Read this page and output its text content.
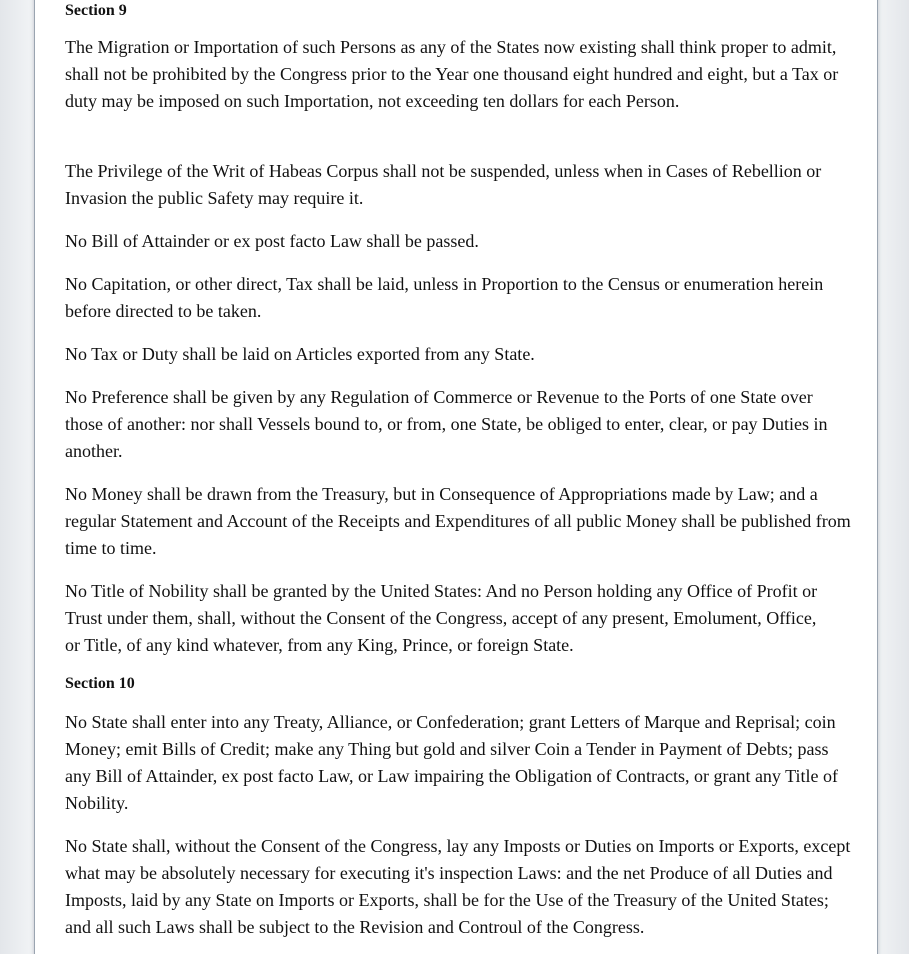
Section 9

The Migration or Importation of such Persons as any of the States now existing shall think proper to admit, shall not be prohibited by the Congress prior to the Year one thousand eight hundred and eight, but a Tax or duty may be imposed on such Importation, not exceeding ten dollars for each Person.

The Privilege of the Writ of Habeas Corpus shall not be suspended, unless when in Cases of Rebellion or Invasion the public Safety may require it.

No Bill of Attainder or ex post facto Law shall be passed.

No Capitation, or other direct, Tax shall be laid, unless in Proportion to the Census or enumeration herein before directed to be taken.

No Tax or Duty shall be laid on Articles exported from any State.

No Preference shall be given by any Regulation of Commerce or Revenue to the Ports of one State over those of another: nor shall Vessels bound to, or from, one State, be obliged to enter, clear, or pay Duties in another.

No Money shall be drawn from the Treasury, but in Consequence of Appropriations made by Law; and a regular Statement and Account of the Receipts and Expenditures of all public Money shall be published from time to time.

No Title of Nobility shall be granted by the United States: And no Person holding any Office of Profit or Trust under them, shall, without the Consent of the Congress, accept of any present, Emolument, Office, or Title, of any kind whatever, from any King, Prince, or foreign State.

Section 10

No State shall enter into any Treaty, Alliance, or Confederation; grant Letters of Marque and Reprisal; coin Money; emit Bills of Credit; make any Thing but gold and silver Coin a Tender in Payment of Debts; pass any Bill of Attainder, ex post facto Law, or Law impairing the Obligation of Contracts, or grant any Title of Nobility.

No State shall, without the Consent of the Congress, lay any Imposts or Duties on Imports or Exports, except what may be absolutely necessary for executing it's inspection Laws: and the net Produce of all Duties and Imposts, laid by any State on Imports or Exports, shall be for the Use of the Treasury of the United States; and all such Laws shall be subject to the Revision and Controul of the Congress.
